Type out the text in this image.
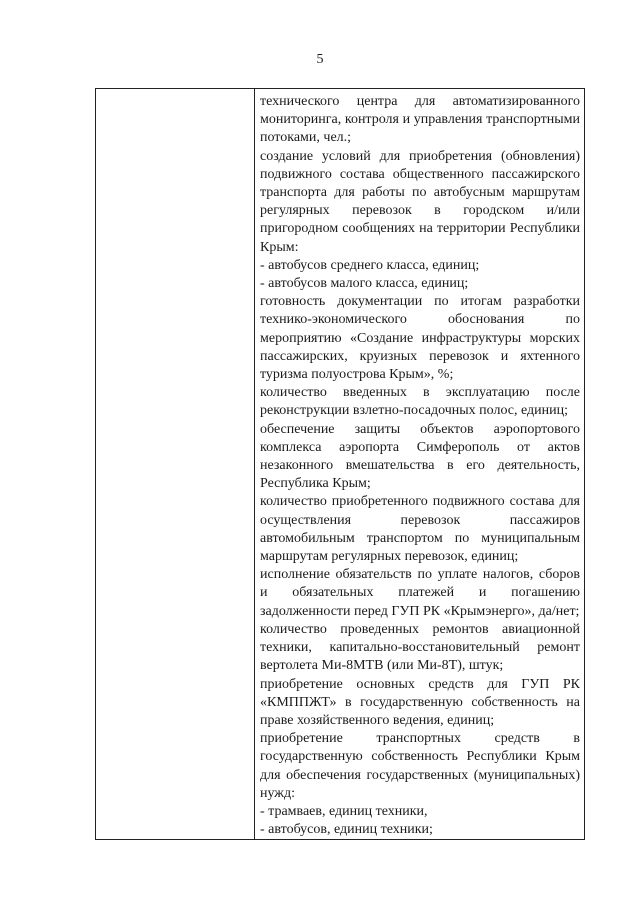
5

технического центра для автоматизированного мониторинга, контроля и управления транспортными потоками, чел.;

создание условий для приобретения (обновления) подвижного состава общественного пассажирского транспорта для работы по автобусным маршрутам регулярных перевозок в городском и/или пригородном сообщениях на территории Республики Крым:

- автобусов среднего класса, единиц;

- автобусов малого класса, единиц;

готовность документации по итогам разработки технико-экономического обоснования по мероприятию «Создание инфраструктуры морских пассажирских, круизных перевозок и яхтенного туризма полуострова Крым», %;

количество введенных в эксплуатацию после реконструкции взлетно-посадочных полос, единиц;

обеспечение защиты объектов аэропортового комплекса аэропорта Симферополь от актов незаконного вмешательства в его деятельность, Республика Крым;

количество приобретенного подвижного состава для осуществления перевозок пассажиров автомобильным транспортом по муниципальным маршрутам регулярных перевозок, единиц;

исполнение обязательств по уплате налогов, сборов и обязательных платежей и погашению задолженности перед ГУП РК «Крымэнерго», да/нет;

количество проведенных ремонтов авиационной техники, капитально-восстановительный ремонт вертолета Ми-8МТВ (или Ми-8Т), штук;

приобретение основных средств для ГУП РК «КМППЖТ» в государственную собственность на праве хозяйственного ведения, единиц;

приобретение транспортных средств в государственную собственность Республики Крым для обеспечения государственных (муниципальных) нужд:

- трамваев, единиц техники,

- автобусов, единиц техники;
